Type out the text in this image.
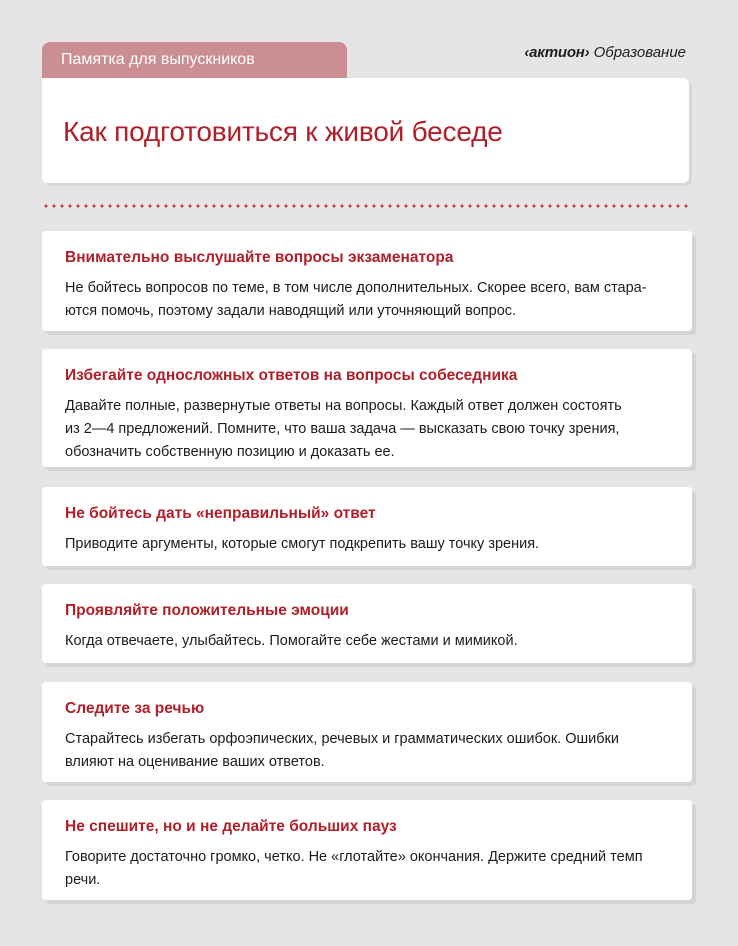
Памятка для выпускников	‹актион› Образование
Как подготовиться к живой беседе
Внимательно выслушайте вопросы экзаменатора

Не бойтесь вопросов по теме, в том числе дополнительных. Скорее всего, вам стара-
ются помочь, поэтому задали наводящий или уточняющий вопрос.

Избегайте односложных ответов на вопросы собеседника

Давайте полные, развернутые ответы на вопросы. Каждый ответ должен состоять
из 2—4 предложений. Помните, что ваша задача — высказать свою точку зрения,
обозначить собственную позицию и доказать ее.

Не бойтесь дать «неправильный» ответ

Приводите аргументы, которые смогут подкрепить вашу точку зрения.

Проявляйте положительные эмоции

Когда отвечаете, улыбайтесь. Помогайте себе жестами и мимикой.

Следите за речью

Старайтесь избегать орфоэпических, речевых и грамматических ошибок. Ошибки
влияют на оценивание ваших ответов.

Не спешите, но и не делайте больших пауз

Говорите достаточно громко, четко. Не «глотайте» окончания. Держите средний темп
речи.
